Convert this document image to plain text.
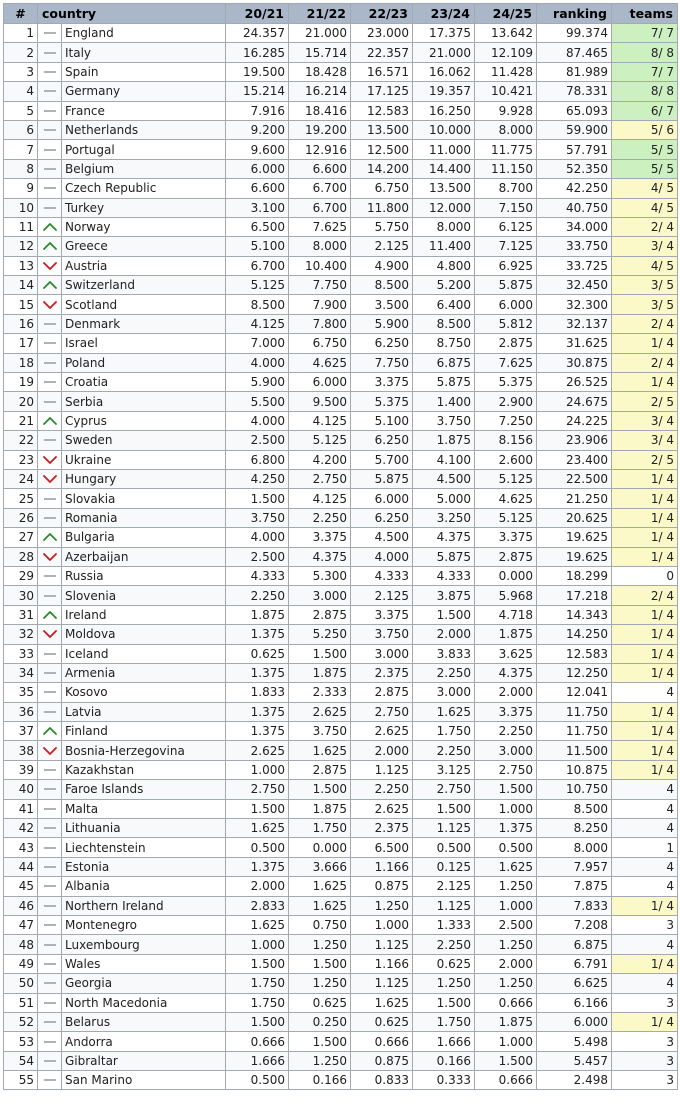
#	country		20/21	21/22	22/23	23/24	24/25	ranking	teams
1		England	24.357	21.000	23.000	17.375	13.642	99.374	7/ 7
2		Italy	16.285	15.714	22.357	21.000	12.109	87.465	8/ 8
3		Spain	19.500	18.428	16.571	16.062	11.428	81.989	7/ 7
4		Germany	15.214	16.214	17.125	19.357	10.421	78.331	8/ 8
5		France	7.916	18.416	12.583	16.250	9.928	65.093	6/ 7
6		Netherlands	9.200	19.200	13.500	10.000	8.000	59.900	5/ 6
7		Portugal	9.600	12.916	12.500	11.000	11.775	57.791	5/ 5
8		Belgium	6.000	6.600	14.200	14.400	11.150	52.350	5/ 5
9		Czech Republic	6.600	6.700	6.750	13.500	8.700	42.250	4/ 5
10		Turkey	3.100	6.700	11.800	12.000	7.150	40.750	4/ 5
11		Norway	6.500	7.625	5.750	8.000	6.125	34.000	2/ 4
12		Greece	5.100	8.000	2.125	11.400	7.125	33.750	3/ 4
13		Austria	6.700	10.400	4.900	4.800	6.925	33.725	4/ 5
14		Switzerland	5.125	7.750	8.500	5.200	5.875	32.450	3/ 5
15		Scotland	8.500	7.900	3.500	6.400	6.000	32.300	3/ 5
16		Denmark	4.125	7.800	5.900	8.500	5.812	32.137	2/ 4
17		Israel	7.000	6.750	6.250	8.750	2.875	31.625	1/ 4
18		Poland	4.000	4.625	7.750	6.875	7.625	30.875	2/ 4
19		Croatia	5.900	6.000	3.375	5.875	5.375	26.525	1/ 4
20		Serbia	5.500	9.500	5.375	1.400	2.900	24.675	2/ 5
21		Cyprus	4.000	4.125	5.100	3.750	7.250	24.225	3/ 4
22		Sweden	2.500	5.125	6.250	1.875	8.156	23.906	3/ 4
23		Ukraine	6.800	4.200	5.700	4.100	2.600	23.400	2/ 5
24		Hungary	4.250	2.750	5.875	4.500	5.125	22.500	1/ 4
25		Slovakia	1.500	4.125	6.000	5.000	4.625	21.250	1/ 4
26		Romania	3.750	2.250	6.250	3.250	5.125	20.625	1/ 4
27		Bulgaria	4.000	3.375	4.500	4.375	3.375	19.625	1/ 4
28		Azerbaijan	2.500	4.375	4.000	5.875	2.875	19.625	1/ 4
29		Russia	4.333	5.300	4.333	4.333	0.000	18.299	0
30		Slovenia	2.250	3.000	2.125	3.875	5.968	17.218	2/ 4
31		Ireland	1.875	2.875	3.375	1.500	4.718	14.343	1/ 4
32		Moldova	1.375	5.250	3.750	2.000	1.875	14.250	1/ 4
33		Iceland	0.625	1.500	3.000	3.833	3.625	12.583	1/ 4
34		Armenia	1.375	1.875	2.375	2.250	4.375	12.250	1/ 4
35		Kosovo	1.833	2.333	2.875	3.000	2.000	12.041	4
36		Latvia	1.375	2.625	2.750	1.625	3.375	11.750	1/ 4
37		Finland	1.375	3.750	2.625	1.750	2.250	11.750	1/ 4
38		Bosnia-Herzegovina	2.625	1.625	2.000	2.250	3.000	11.500	1/ 4
39		Kazakhstan	1.000	2.875	1.125	3.125	2.750	10.875	1/ 4
40		Faroe Islands	2.750	1.500	2.250	2.750	1.500	10.750	4
41		Malta	1.500	1.875	2.625	1.500	1.000	8.500	4
42		Lithuania	1.625	1.750	2.375	1.125	1.375	8.250	4
43		Liechtenstein	0.500	0.000	6.500	0.500	0.500	8.000	1
44		Estonia	1.375	3.666	1.166	0.125	1.625	7.957	4
45		Albania	2.000	1.625	0.875	2.125	1.250	7.875	4
46		Northern Ireland	2.833	1.625	1.250	1.125	1.000	7.833	1/ 4
47		Montenegro	1.625	0.750	1.000	1.333	2.500	7.208	3
48		Luxembourg	1.000	1.250	1.125	2.250	1.250	6.875	4
49		Wales	1.500	1.500	1.166	0.625	2.000	6.791	1/ 4
50		Georgia	1.750	1.250	1.125	1.250	1.250	6.625	4
51		North Macedonia	1.750	0.625	1.625	1.500	0.666	6.166	3
52		Belarus	1.500	0.250	0.625	1.750	1.875	6.000	1/ 4
53		Andorra	0.666	1.500	0.666	1.666	1.000	5.498	3
54		Gibraltar	1.666	1.250	0.875	0.166	1.500	5.457	3
55		San Marino	0.500	0.166	0.833	0.333	0.666	2.498	3
